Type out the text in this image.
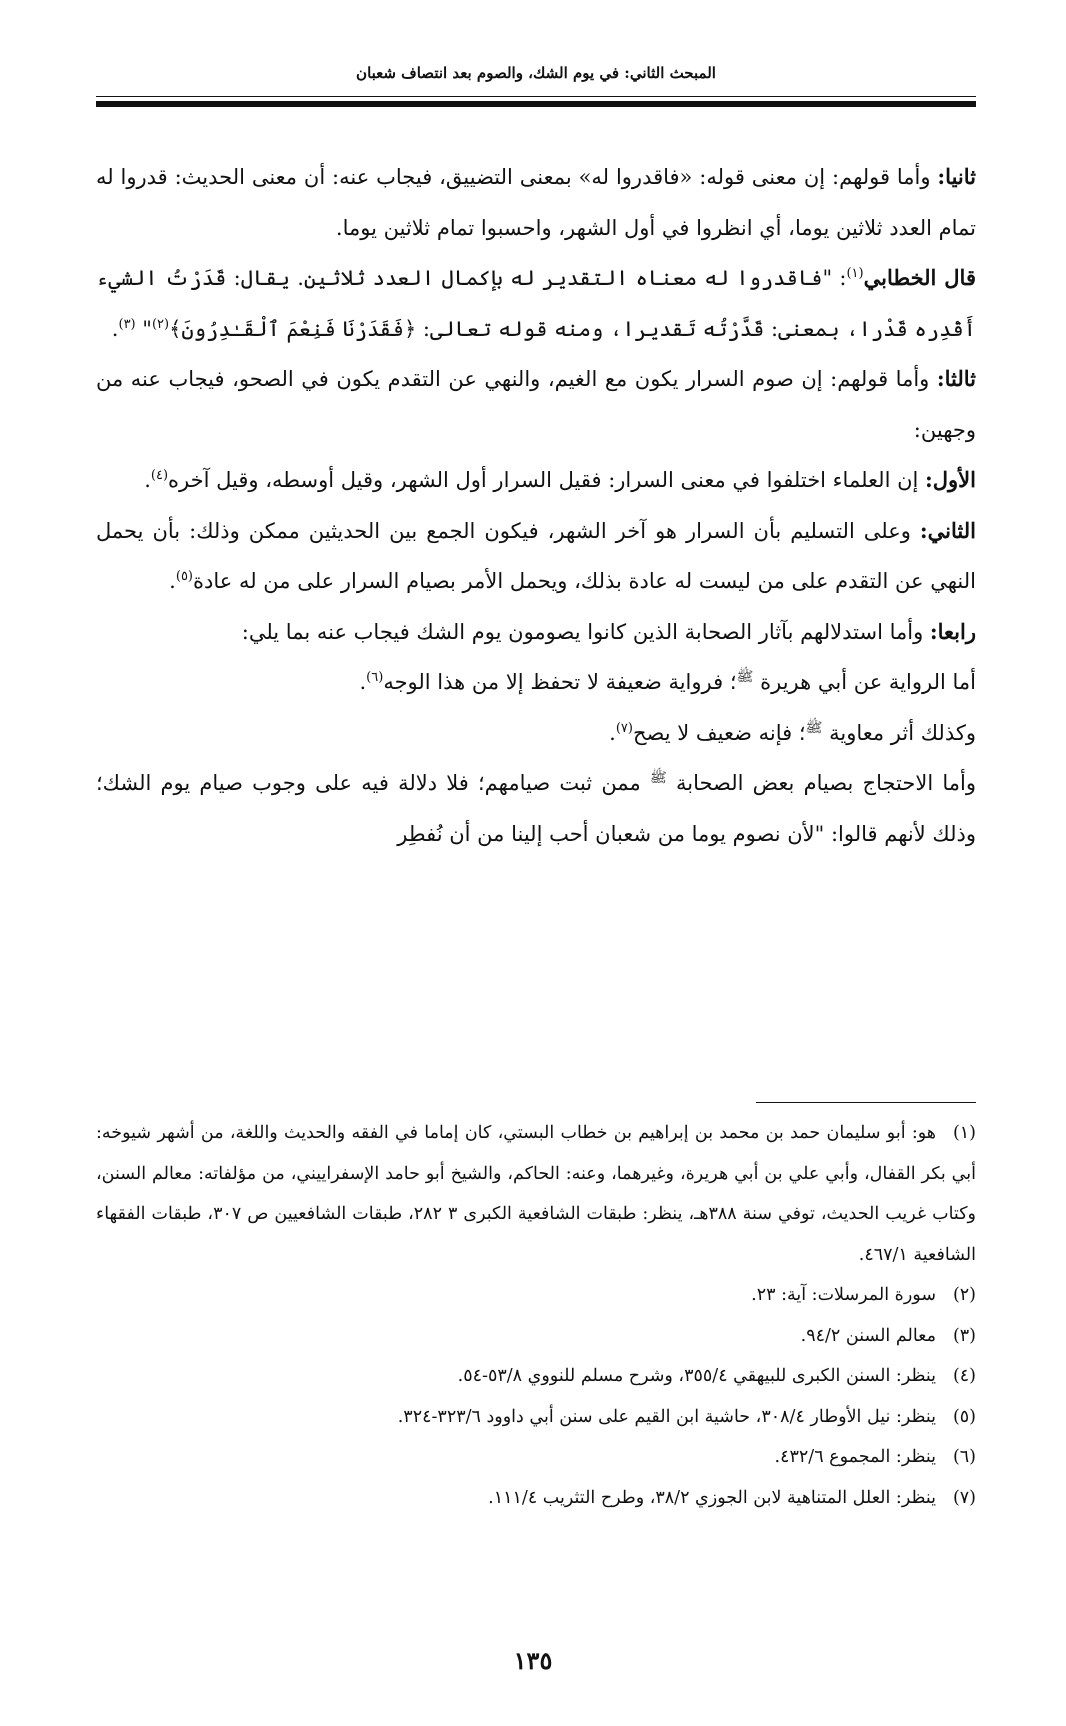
المبحث الثاني: في يوم الشك، والصوم بعد انتصاف شعبان

ثانيا: وأما قولهم: إن معنى قوله: «فاقدروا له» بمعنى التضييق، فيجاب عنه: أن معنى الحديث: قدروا له تمام العدد ثلاثين يوما، أي انظروا في أول الشهر، واحسبوا تمام ثلاثين يوما.

قال الخطابي$^{(١)}$: "فاقدروا له معناه التقدير له بإكمال العدد ثلاثين. يقال: قَدَرْتُ الشيء أَقْدِره قَدْرا، بمعنى: قَدَّرْتُه تَقديرا، ومنه قوله تعالى: ﴿فَقَدَرْنَا فَنِعْمَ ٱلْقَـٰدِرُونَ﴾$^{(٢)}$" $^{(٣)}$.

ثالثا: وأما قولهم: إن صوم السرار يكون مع الغيم، والنهي عن التقدم يكون في الصحو، فيجاب عنه من وجهين:

الأول: إن العلماء اختلفوا في معنى السرار: فقيل السرار أول الشهر، وقيل أوسطه، وقيل آخره$^{(٤)}$.

الثاني: وعلى التسليم بأن السرار هو آخر الشهر، فيكون الجمع بين الحديثين ممكن وذلك: بأن يحمل النهي عن التقدم على من ليست له عادة بذلك، ويحمل الأمر بصيام السرار على من له عادة$^{(٥)}$.

رابعا: وأما استدلالهم بآثار الصحابة الذين كانوا يصومون يوم الشك فيجاب عنه بما يلي:

أما الرواية عن أبي هريرة $^ﷺ$؛ فرواية ضعيفة لا تحفظ إلا من هذا الوجه$^{(٦)}$.

وكذلك أثر معاوية $^ﷺ$؛ فإنه ضعيف لا يصح$^{(٧)}$.

وأما الاحتجاج بصيام بعض الصحابة $^ﷺ$ ممن ثبت صيامهم؛ فلا دلالة فيه على وجوب صيام يوم الشك؛ وذلك لأنهم قالوا: "لأن نصوم يوما من شعبان أحب إلينا من أن نُفطِر

(١)هو: أبو سليمان حمد بن محمد بن إبراهيم بن خطاب البستي، كان إماما في الفقه والحديث واللغة، من أشهر شيوخه: أبي بكر القفال، وأبي علي بن أبي هريرة، وغيرهما، وعنه: الحاكم، والشيخ أبو حامد الإسفراييني، من مؤلفاته: معالم السنن، وكتاب غريب الحديث، توفي سنة ٣٨٨هـ، ينظر: طبقات الشافعية الكبرى ٣ ٢٨٢، طبقات الشافعيين ص ٣٠٧، طبقات الفقهاء الشافعية ٤٦٧/١.

(٢)سورة المرسلات: آية: ٢٣.

(٣)معالم السنن ٩٤/٢.

(٤)ينظر: السنن الكبرى للبيهقي ٣٥٥/٤، وشرح مسلم للنووي ٥٣/٨-٥٤.

(٥)ينظر: نيل الأوطار ٣٠٨/٤، حاشية ابن القيم على سنن أبي داوود ٣٢٣/٦-٣٢٤.

(٦)ينظر: المجموع ٤٣٢/٦.

(٧)ينظر: العلل المتناهية لابن الجوزي ٣٨/٢، وطرح التثريب ١١١/٤.

١٣٥
